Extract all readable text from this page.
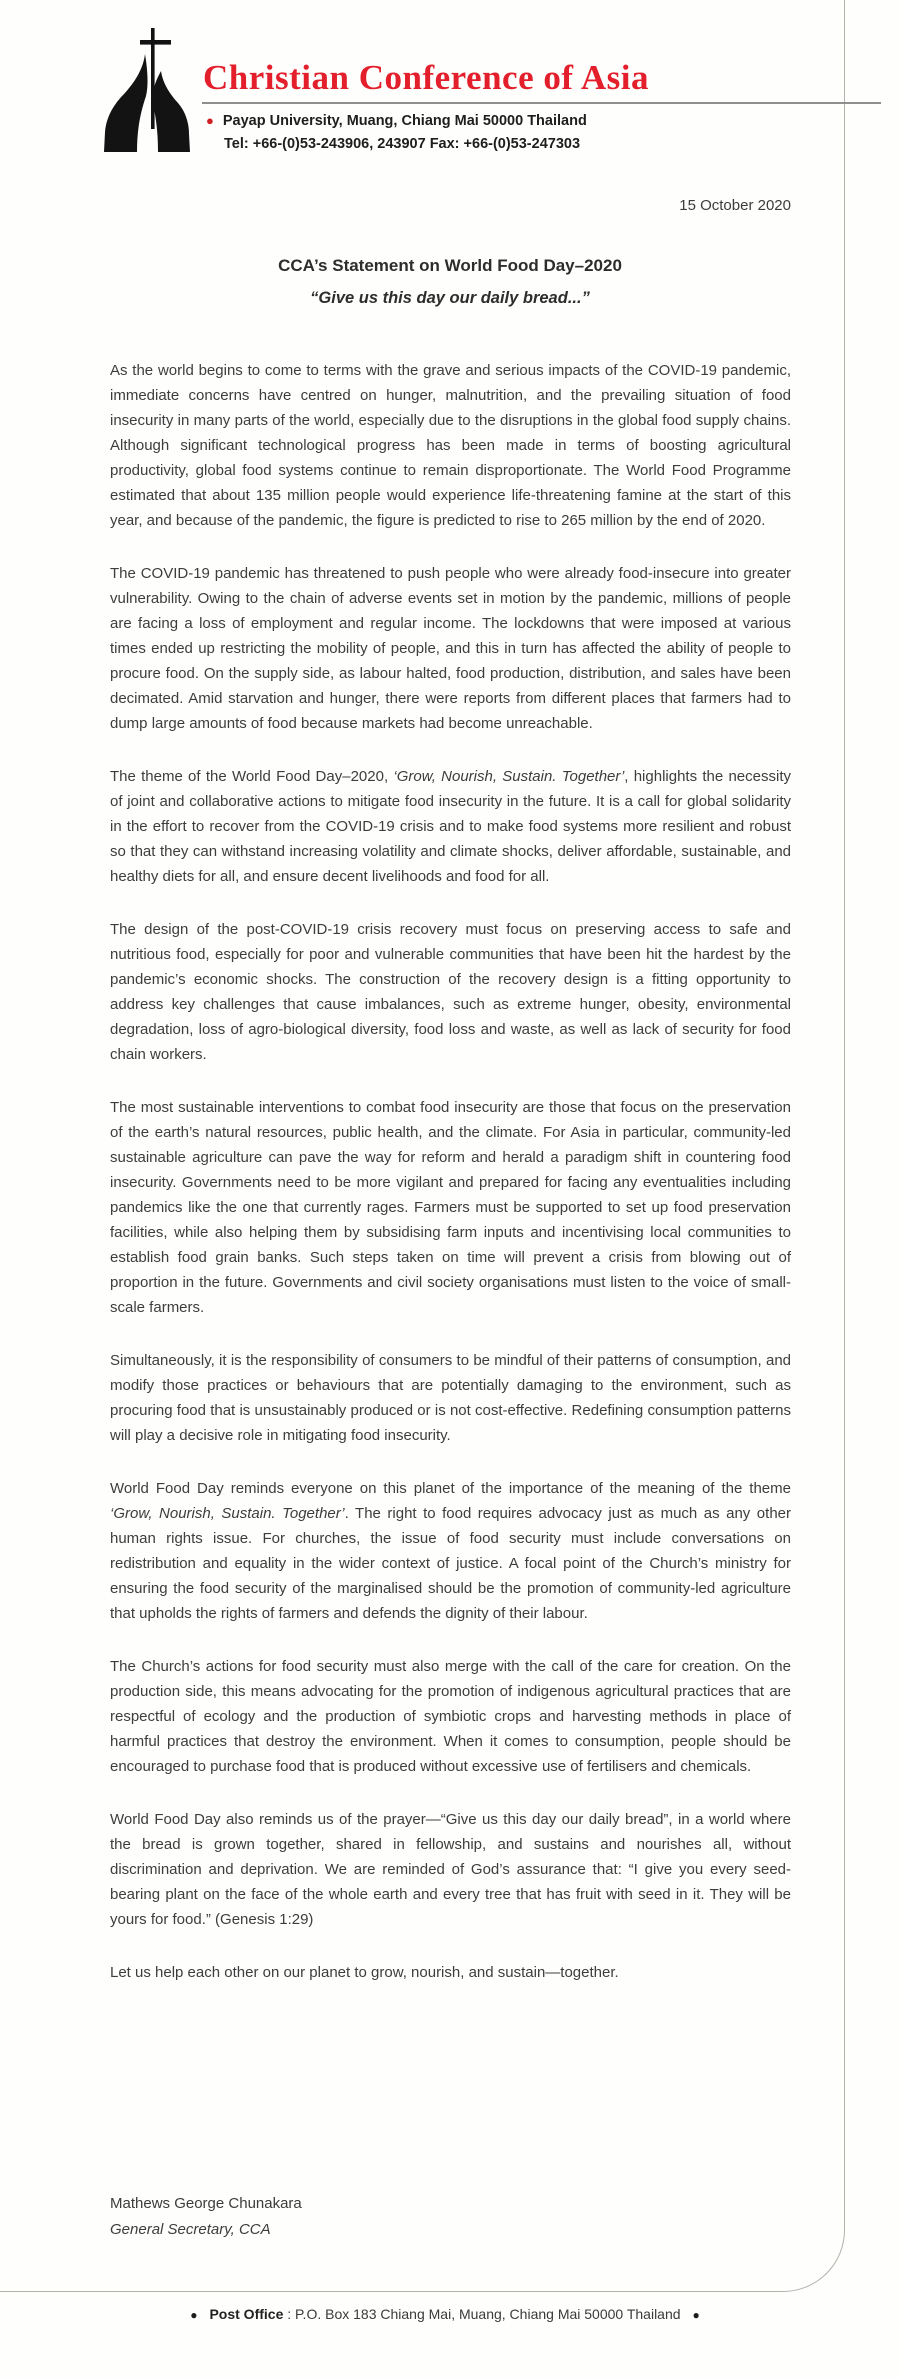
Christian Conference of Asia
● Payap University, Muang, Chiang Mai 50000 Thailand
Tel: +66-(0)53-243906, 243907 Fax: +66-(0)53-247303
15 October 2020
CCA’s Statement on World Food Day–2020
“Give us this day our daily bread...”

As the world begins to come to terms with the grave and serious impacts of the COVID-19 pandemic, immediate concerns have centred on hunger, malnutrition, and the prevailing situation of food insecurity in many parts of the world, especially due to the disruptions in the global food supply chains. Although significant technological progress has been made in terms of boosting agricultural productivity, global food systems continue to remain disproportionate. The World Food Programme estimated that about 135 million people would experience life-threatening famine at the start of this year, and because of the pandemic, the figure is predicted to rise to 265 million by the end of 2020.

The COVID-19 pandemic has threatened to push people who were already food-insecure into greater vulnerability. Owing to the chain of adverse events set in motion by the pandemic, millions of people are facing a loss of employment and regular income. The lockdowns that were imposed at various times ended up restricting the mobility of people, and this in turn has affected the ability of people to procure food. On the supply side, as labour halted, food production, distribution, and sales have been decimated. Amid starvation and hunger, there were reports from different places that farmers had to dump large amounts of food because markets had become unreachable.

The theme of the World Food Day–2020, ‘Grow, Nourish, Sustain. Together’, highlights the necessity of joint and collaborative actions to mitigate food insecurity in the future. It is a call for global solidarity in the effort to recover from the COVID-19 crisis and to make food systems more resilient and robust so that they can withstand increasing volatility and climate shocks, deliver affordable, sustainable, and healthy diets for all, and ensure decent livelihoods and food for all.

The design of the post-COVID-19 crisis recovery must focus on preserving access to safe and nutritious food, especially for poor and vulnerable communities that have been hit the hardest by the pandemic’s economic shocks. The construction of the recovery design is a fitting opportunity to address key challenges that cause imbalances, such as extreme hunger, obesity, environmental degradation, loss of agro-biological diversity, food loss and waste, as well as lack of security for food chain workers.

The most sustainable interventions to combat food insecurity are those that focus on the preservation of the earth’s natural resources, public health, and the climate. For Asia in particular, community-led sustainable agriculture can pave the way for reform and herald a paradigm shift in countering food insecurity. Governments need to be more vigilant and prepared for facing any eventualities including pandemics like the one that currently rages. Farmers must be supported to set up food preservation facilities, while also helping them by subsidising farm inputs and incentivising local communities to establish food grain banks. Such steps taken on time will prevent a crisis from blowing out of proportion in the future. Governments and civil society organisations must listen to the voice of small-scale farmers.

Simultaneously, it is the responsibility of consumers to be mindful of their patterns of consumption, and modify those practices or behaviours that are potentially damaging to the environment, such as procuring food that is unsustainably produced or is not cost-effective. Redefining consumption patterns will play a decisive role in mitigating food insecurity.

World Food Day reminds everyone on this planet of the importance of the meaning of the theme ‘Grow, Nourish, Sustain. Together’. The right to food requires advocacy just as much as any other human rights issue. For churches, the issue of food security must include conversations on redistribution and equality in the wider context of justice. A focal point of the Church’s ministry for ensuring the food security of the marginalised should be the promotion of community-led agriculture that upholds the rights of farmers and defends the dignity of their labour.

The Church’s actions for food security must also merge with the call of the care for creation. On the production side, this means advocating for the promotion of indigenous agricultural practices that are respectful of ecology and the production of symbiotic crops and harvesting methods in place of harmful practices that destroy the environment. When it comes to consumption, people should be encouraged to purchase food that is produced without excessive use of fertilisers and chemicals.

World Food Day also reminds us of the prayer—“Give us this day our daily bread”, in a world where the bread is grown together, shared in fellowship, and sustains and nourishes all, without discrimination and deprivation. We are reminded of God’s assurance that: “I give you every seed-bearing plant on the face of the whole earth and every tree that has fruit with seed in it. They will be yours for food.” (Genesis 1:29)

Let us help each other on our planet to grow, nourish, and sustain—together.

Mathews George Chunakara
General Secretary, CCA
● Post Office : P.O. Box 183 Chiang Mai, Muang, Chiang Mai 50000 Thailand ●
